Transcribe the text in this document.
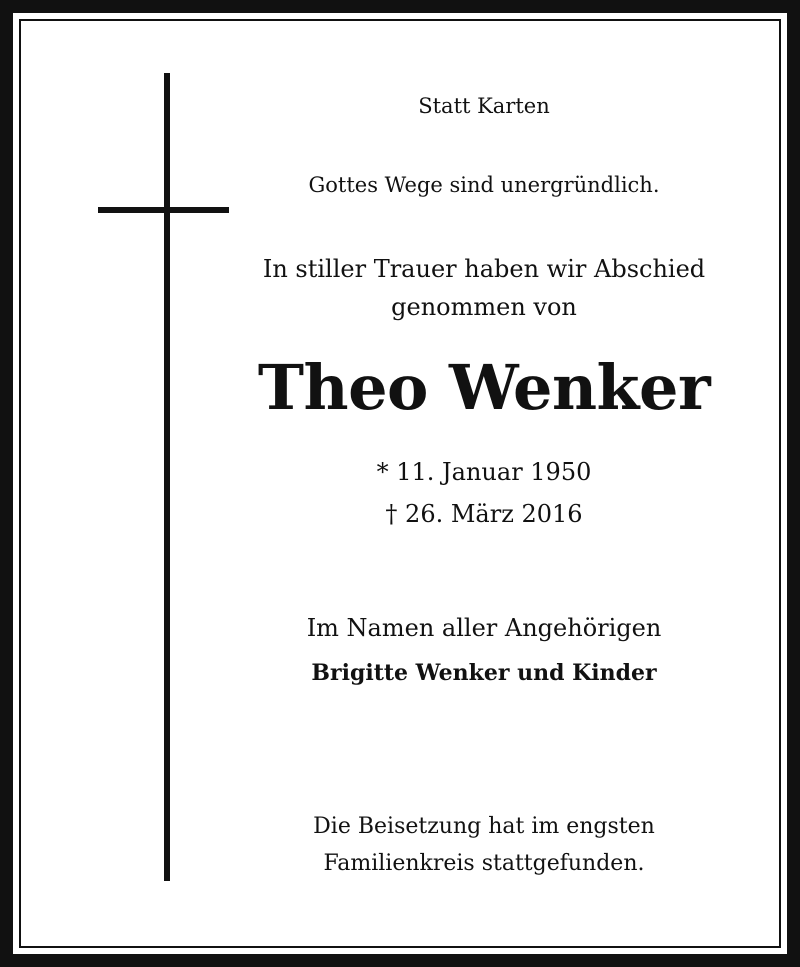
Statt Karten
Gottes Wege sind unergründlich.
In stiller Trauer haben wir Abschied
genommen von
Theo Wenker
* 11. Januar 1950
† 26. März 2016
Im Namen aller Angehörigen
Brigitte Wenker und Kinder
Die Beisetzung hat im engsten
Familienkreis stattgefunden.
